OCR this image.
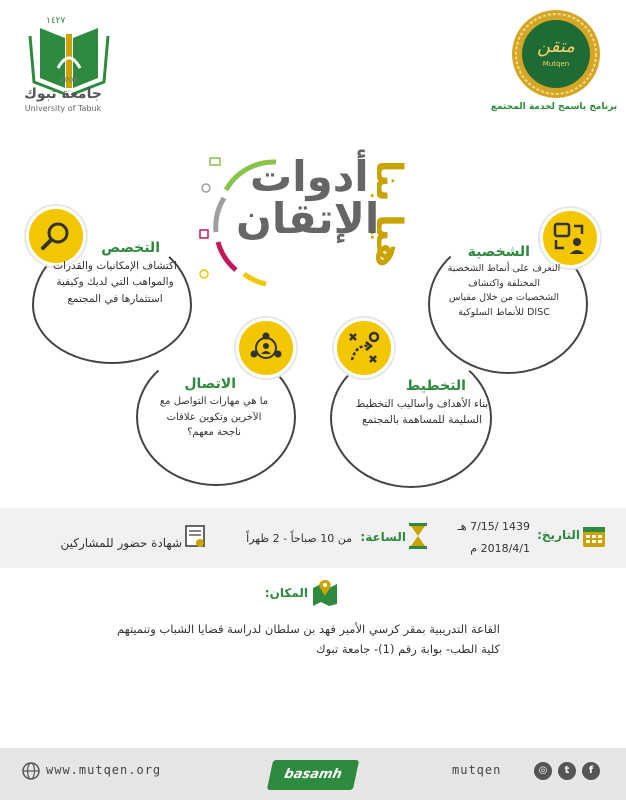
١٤٢٧
2006
جامعة تبوك
University of Tabuk
متقن
Mutqen
برنامج باسمح لخدمة المجتمع
هيا بنا
أدوات
الإتقان
التخصص
اكتشاف الإمكانيات والقدرات والمواهب التي لديك وكيفية استثمارها في المجتمع
الشخصية
التعرف على أنماط الشخصية المختلفة واكتشاف الشخصيات من خلال مقياس DISC للأنماط السلوكية
الاتصال
ما هي مهارات التواصل مع الآخرين وتكوين علاقات ناجحة معهم؟
التخطيط
بناء الأهداف وأساليب التخطيط السليمة للمساهمة بالمجتمع
التاريخ:
1439 /7/15 هـ
2018/4/1 م
الساعة:
من 10 صباحاً - 2 ظهراً
شهادة حضور للمشاركين
المكان:
القاعة التدريبية بمقر كرسي الأمير فهد بن سلطان لدراسة قضايا الشباب وتنميتهم
كلية الطب- بوابة رقم (1)- جامعة تبوك
www.mutqen.org	basamh	mutqen	◎	t	f
